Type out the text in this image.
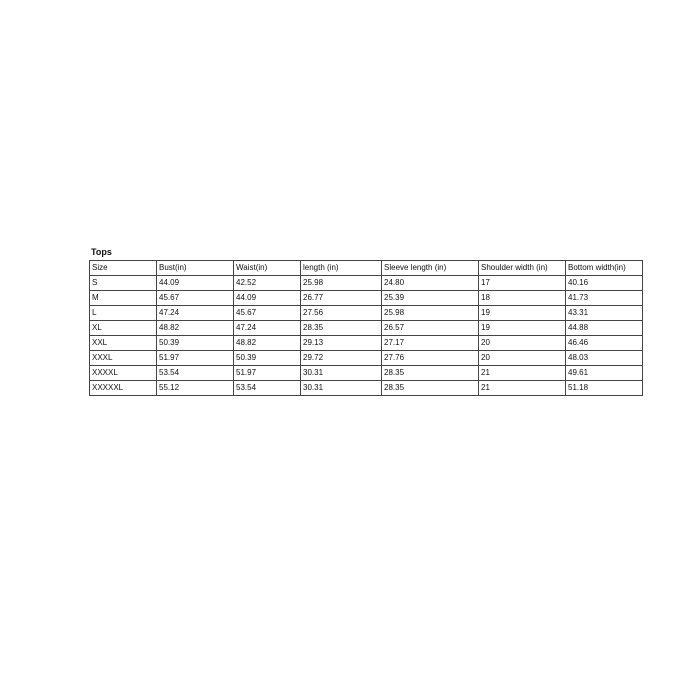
Tops
Size	Bust(in)	Waist(in)	length (in)	Sleeve length (in)	Shoulder width (in)	Bottom width(in)
S	44.09	42.52	25.98	24.80	17	40.16
M	45.67	44.09	26.77	25.39	18	41.73
L	47.24	45.67	27.56	25.98	19	43.31
XL	48.82	47.24	28.35	26.57	19	44.88
XXL	50.39	48.82	29.13	27.17	20	46.46
XXXL	51.97	50.39	29.72	27.76	20	48.03
XXXXL	53.54	51.97	30.31	28.35	21	49.61
XXXXXL	55.12	53.54	30.31	28.35	21	51.18
